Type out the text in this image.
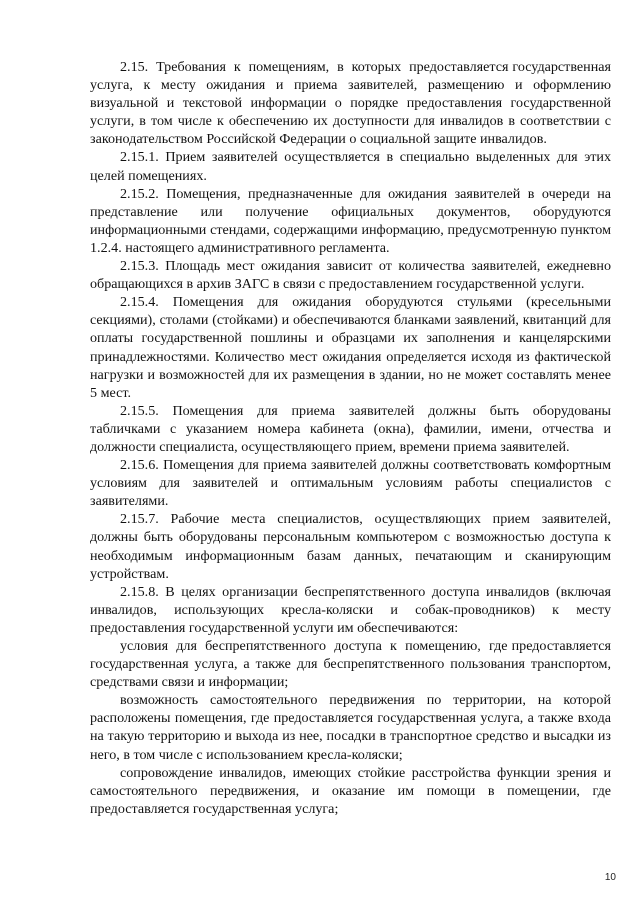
2.15.  Требования  к  помещениям,  в  которых  предоставляется государственная услуга, к месту ожидания и приема заявителей, размещению и оформлению визуальной и текстовой информации о порядке предоставления государственной услуги, в том числе к обеспечению их доступности для инвалидов в соответствии с законодательством Российской Федерации о социальной защите инвалидов.

2.15.1. Прием заявителей осуществляется в специально выделенных для этих целей помещениях.

2.15.2. Помещения, предназначенные для ожидания заявителей в очереди на представление или получение официальных документов, оборудуются информационными стендами, содержащими информацию, предусмотренную пунктом 1.2.4. настоящего административного регламента.

2.15.3. Площадь мест ожидания зависит от количества заявителей, ежедневно обращающихся в архив ЗАГС в связи с предоставлением государственной услуги.

2.15.4. Помещения для ожидания оборудуются стульями (кресельными секциями), столами (стойками) и обеспечиваются бланками заявлений, квитанций для оплаты государственной пошлины и образцами их заполнения и канцелярскими принадлежностями. Количество мест ожидания определяется исходя из фактической нагрузки и возможностей для их размещения в здании, но не может составлять менее 5 мест.

2.15.5. Помещения для приема заявителей должны быть оборудованы табличками с указанием номера кабинета (окна), фамилии, имени, отчества и должности специалиста, осуществляющего прием, времени приема заявителей.

2.15.6. Помещения для приема заявителей должны соответствовать комфортным условиям для заявителей и оптимальным условиям работы специалистов с заявителями.

2.15.7. Рабочие места специалистов, осуществляющих прием заявителей, должны быть оборудованы персональным компьютером с возможностью доступа к необходимым информационным базам данных, печатающим и сканирующим устройствам.

2.15.8. В целях организации беспрепятственного доступа инвалидов (включая инвалидов, использующих кресла-коляски и собак-проводников) к месту предоставления государственной услуги им обеспечиваются:

условия  для  беспрепятственного  доступа  к  помещению,  где предоставляется государственная услуга, а также для беспрепятственного пользования транспортом, средствами связи и информации;

возможность самостоятельного передвижения по территории, на которой расположены помещения, где предоставляется государственная услуга, а также входа на такую территорию и выхода из нее, посадки в транспортное средство и высадки из него, в том числе с использованием кресла-коляски;

сопровождение инвалидов, имеющих стойкие расстройства функции зрения и самостоятельного передвижения, и оказание им помощи в помещении, где предоставляется государственная услуга;

10
